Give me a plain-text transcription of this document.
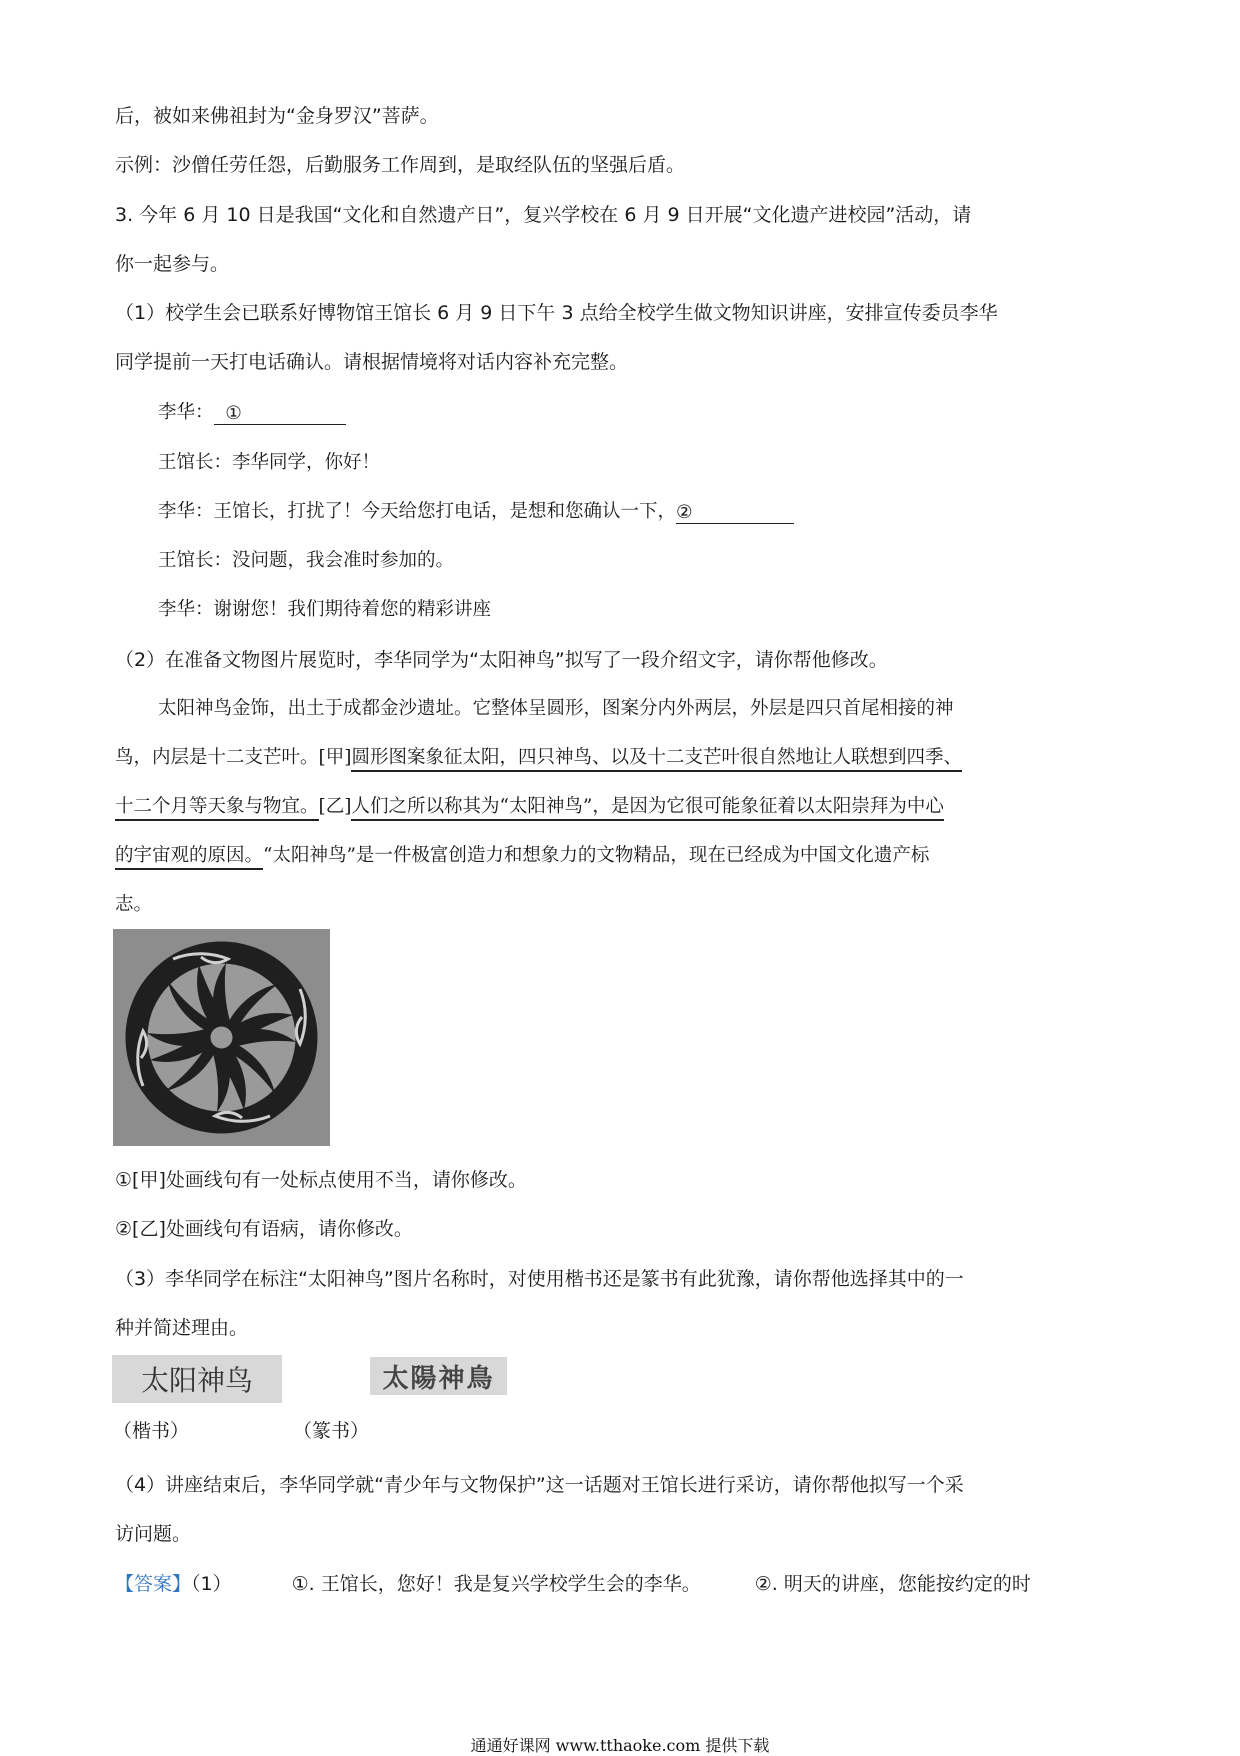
后，被如来佛祖封为“金身罗汉”菩萨。
示例：沙僧任劳任怨，后勤服务工作周到，是取经队伍的坚强后盾。
3. 今年 6 月 10 日是我国“文化和自然遗产日”，复兴学校在 6 月 9 日开展“文化遗产进校园”活动，请
你一起参与。
（1）校学生会已联系好博物馆王馆长 6 月 9 日下午 3 点给全校学生做文物知识讲座，安排宣传委员李华
同学提前一天打电话确认。请根据情境将对话内容补充完整。
李华： ①
王馆长：李华同学，你好！
李华：王馆长，打扰了！今天给您打电话，是想和您确认一下，②
王馆长：没问题，我会准时参加的。
李华：谢谢您！我们期待着您的精彩讲座
（2）在准备文物图片展览时，李华同学为“太阳神鸟”拟写了一段介绍文字，请你帮他修改。
太阳神鸟金饰，出土于成都金沙遗址。它整体呈圆形，图案分内外两层，外层是四只首尾相接的神
鸟，内层是十二支芒叶。[甲]圆形图案象征太阳，四只神鸟、以及十二支芒叶很自然地让人联想到四季、
十二个月等天象与物宜。[乙]人们之所以称其为“太阳神鸟”，是因为它很可能象征着以太阳崇拜为中心
的宇宙观的原因。“太阳神鸟”是一件极富创造力和想象力的文物精品，现在已经成为中国文化遗产标
志。
①[甲]处画线句有一处标点使用不当，请你修改。
②[乙]处画线句有语病，请你修改。
（3）李华同学在标注“太阳神鸟”图片名称时，对使用楷书还是篆书有此犹豫，请你帮他选择其中的一
种并简述理由。
太阳神鸟	太陽神鳥
（楷书）	（篆书）
（4）讲座结束后，李华同学就“青少年与文物保护”这一话题对王馆长进行采访，请你帮他拟写一个采
访问题。
【答案】（1）	①. 王馆长，您好！我是复兴学校学生会的李华。	②. 明天的讲座，您能按约定的时
通通好课网 www.tthaoke.com 提供下载
